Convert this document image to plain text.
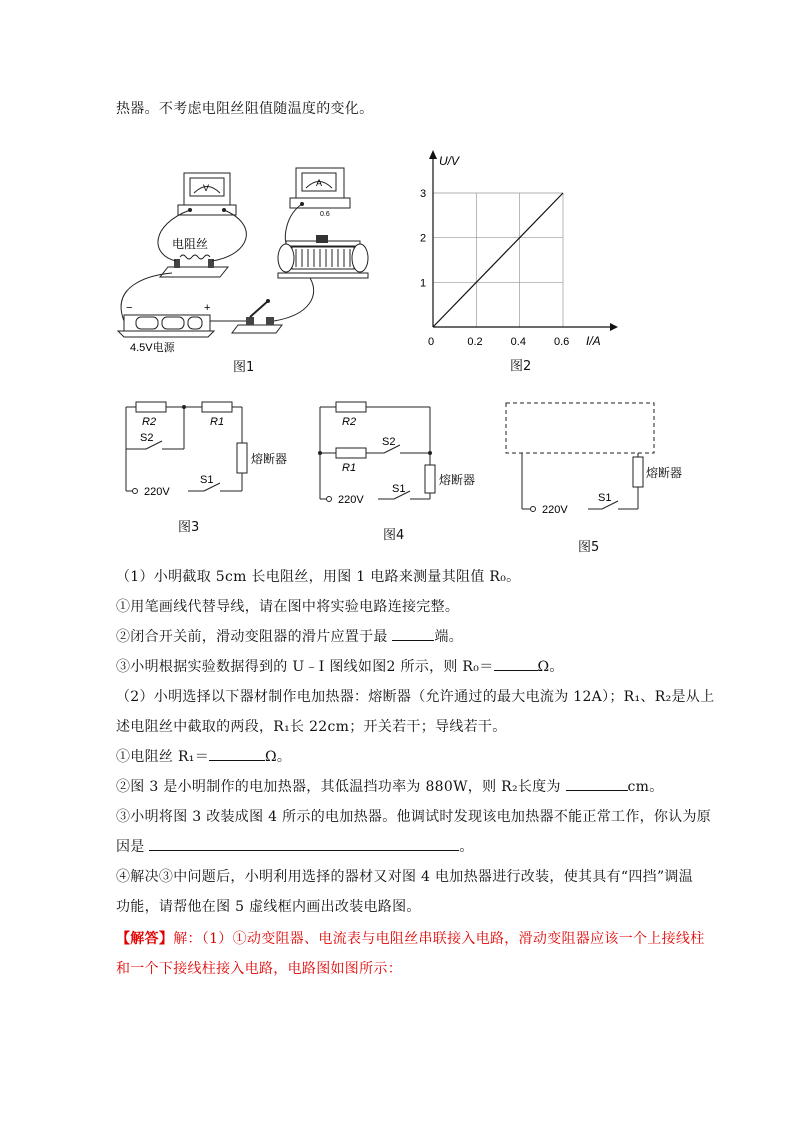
热器。不考虑电阻丝阻值随温度的变化。
V	A
0.6
电阻丝
−	+
4.5V电源
图1
U/V
I/A
0	0.2	0.4	0.6
1
2
3
图2
R2	R1
S2
熔断器
220V
S1
图3
R2
R1
S2
熔断器
220V
S1
图4
熔断器
220V
S1
图5
（1）小明截取 5cm 长电阻丝，用图 1 电路来测量其阻值 R₀。
①用笔画线代替导线，请在图中将实验电路连接完整。
②闭合开关前，滑动变阻器的滑片应置于最	端。
③小明根据实验数据得到的 U﹣I 图线如图2 所示，则 R₀＝	Ω。
（2）小明选择以下器材制作电加热器：熔断器（允许通过的最大电流为 12A）；R₁、R₂是从上
述电阻丝中截取的两段，R₁长 22cm；开关若干；导线若干。
①电阻丝 R₁＝	Ω。
②图 3 是小明制作的电加热器，其低温挡功率为 880W，则 R₂长度为	cm。
③小明将图 3 改装成图 4 所示的电加热器。他调试时发现该电加热器不能正常工作，你认为原
因是	。
④解决③中问题后，小明利用选择的器材又对图 4 电加热器进行改装，使其具有“四挡”调温
功能，请帮他在图 5 虚线框内画出改装电路图。
【解答】解：（1）①动变阻器、电流表与电阻丝串联接入电路，滑动变阻器应该一个上接线柱
和一个下接线柱接入电路，电路图如图所示：
